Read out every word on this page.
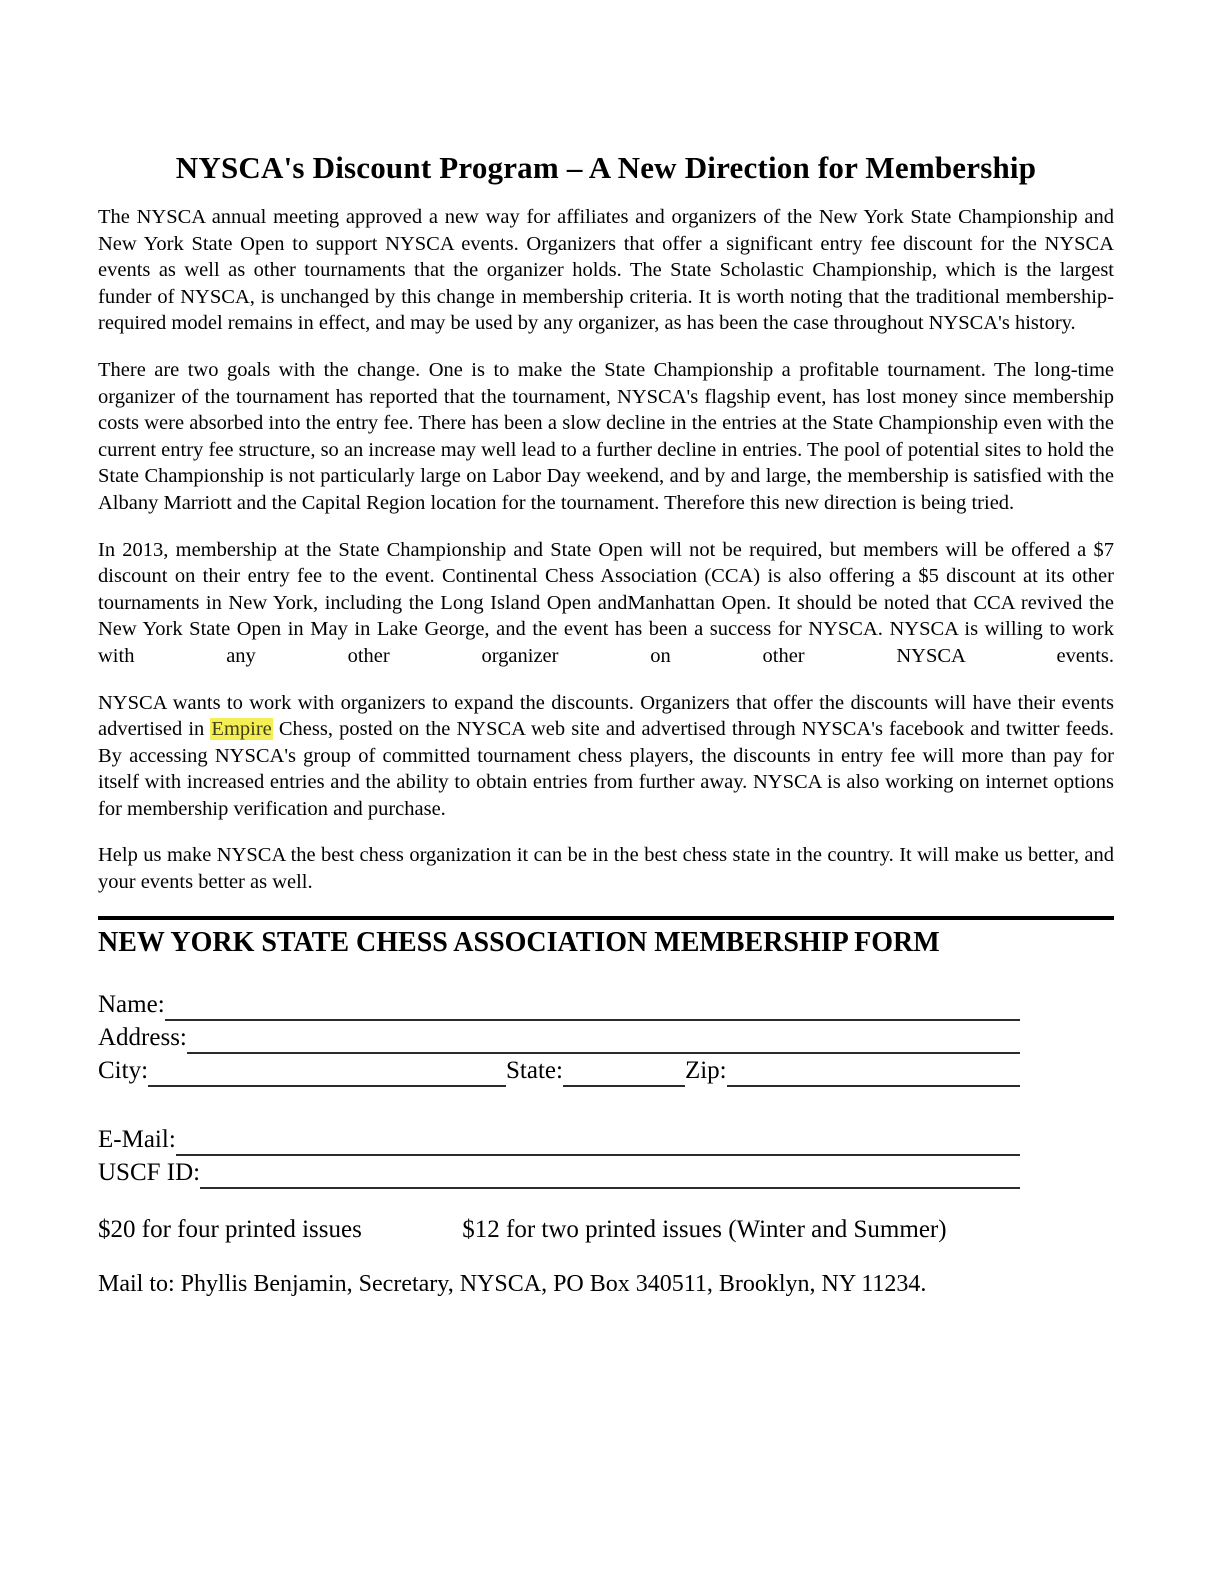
NYSCA's Discount Program – A New Direction for Membership

The NYSCA annual meeting approved a new way for affiliates and organizers of the New York State Championship and New York State Open to support NYSCA events. Organizers that offer a significant entry fee discount for the NYSCA events as well as other tournaments that the organizer holds. The State Scholastic Championship, which is the largest funder of NYSCA, is unchanged by this change in membership criteria. It is worth noting that the traditional membership-required model remains in effect, and may be used by any organizer, as has been the case throughout NYSCA's history.

There are two goals with the change. One is to make the State Championship a profitable tournament. The long-time organizer of the tournament has reported that the tournament, NYSCA's flagship event, has lost money since membership costs were absorbed into the entry fee. There has been a slow decline in the entries at the State Championship even with the current entry fee structure, so an increase may well lead to a further decline in entries. The pool of potential sites to hold the State Championship is not particularly large on Labor Day weekend, and by and large, the membership is satisfied with the Albany Marriott and the Capital Region location for the tournament. Therefore this new direction is being tried.

In 2013, membership at the State Championship and State Open will not be required, but members will be offered a $7 discount on their entry fee to the event. Continental Chess Association (CCA) is also offering a $5 discount at its other tournaments in New York, including the Long Island Open andManhattan Open. It should be noted that CCA revived the New York State Open in May in Lake George, and the event has been a success for NYSCA. NYSCA is willing to work with any other organizer on other NYSCA events.

NYSCA wants to work with organizers to expand the discounts. Organizers that offer the discounts will have their events advertised in Empire Chess, posted on the NYSCA web site and advertised through NYSCA's facebook and twitter feeds. By accessing NYSCA's group of committed tournament chess players, the discounts in entry fee will more than pay for itself with increased entries and the ability to obtain entries from further away. NYSCA is also working on internet options for membership verification and purchase.

Help us make NYSCA the best chess organization it can be in the best chess state in the country. It will make us better, and your events better as well.

NEW YORK STATE CHESS ASSOCIATION MEMBERSHIP FORM
Name:
Address:
City:	State:	Zip:
E-Mail:
USCF ID:
$20 for four printed issues	$12 for two printed issues (Winter and Summer)

Mail to: Phyllis Benjamin, Secretary, NYSCA, PO Box 340511, Brooklyn, NY 11234.
